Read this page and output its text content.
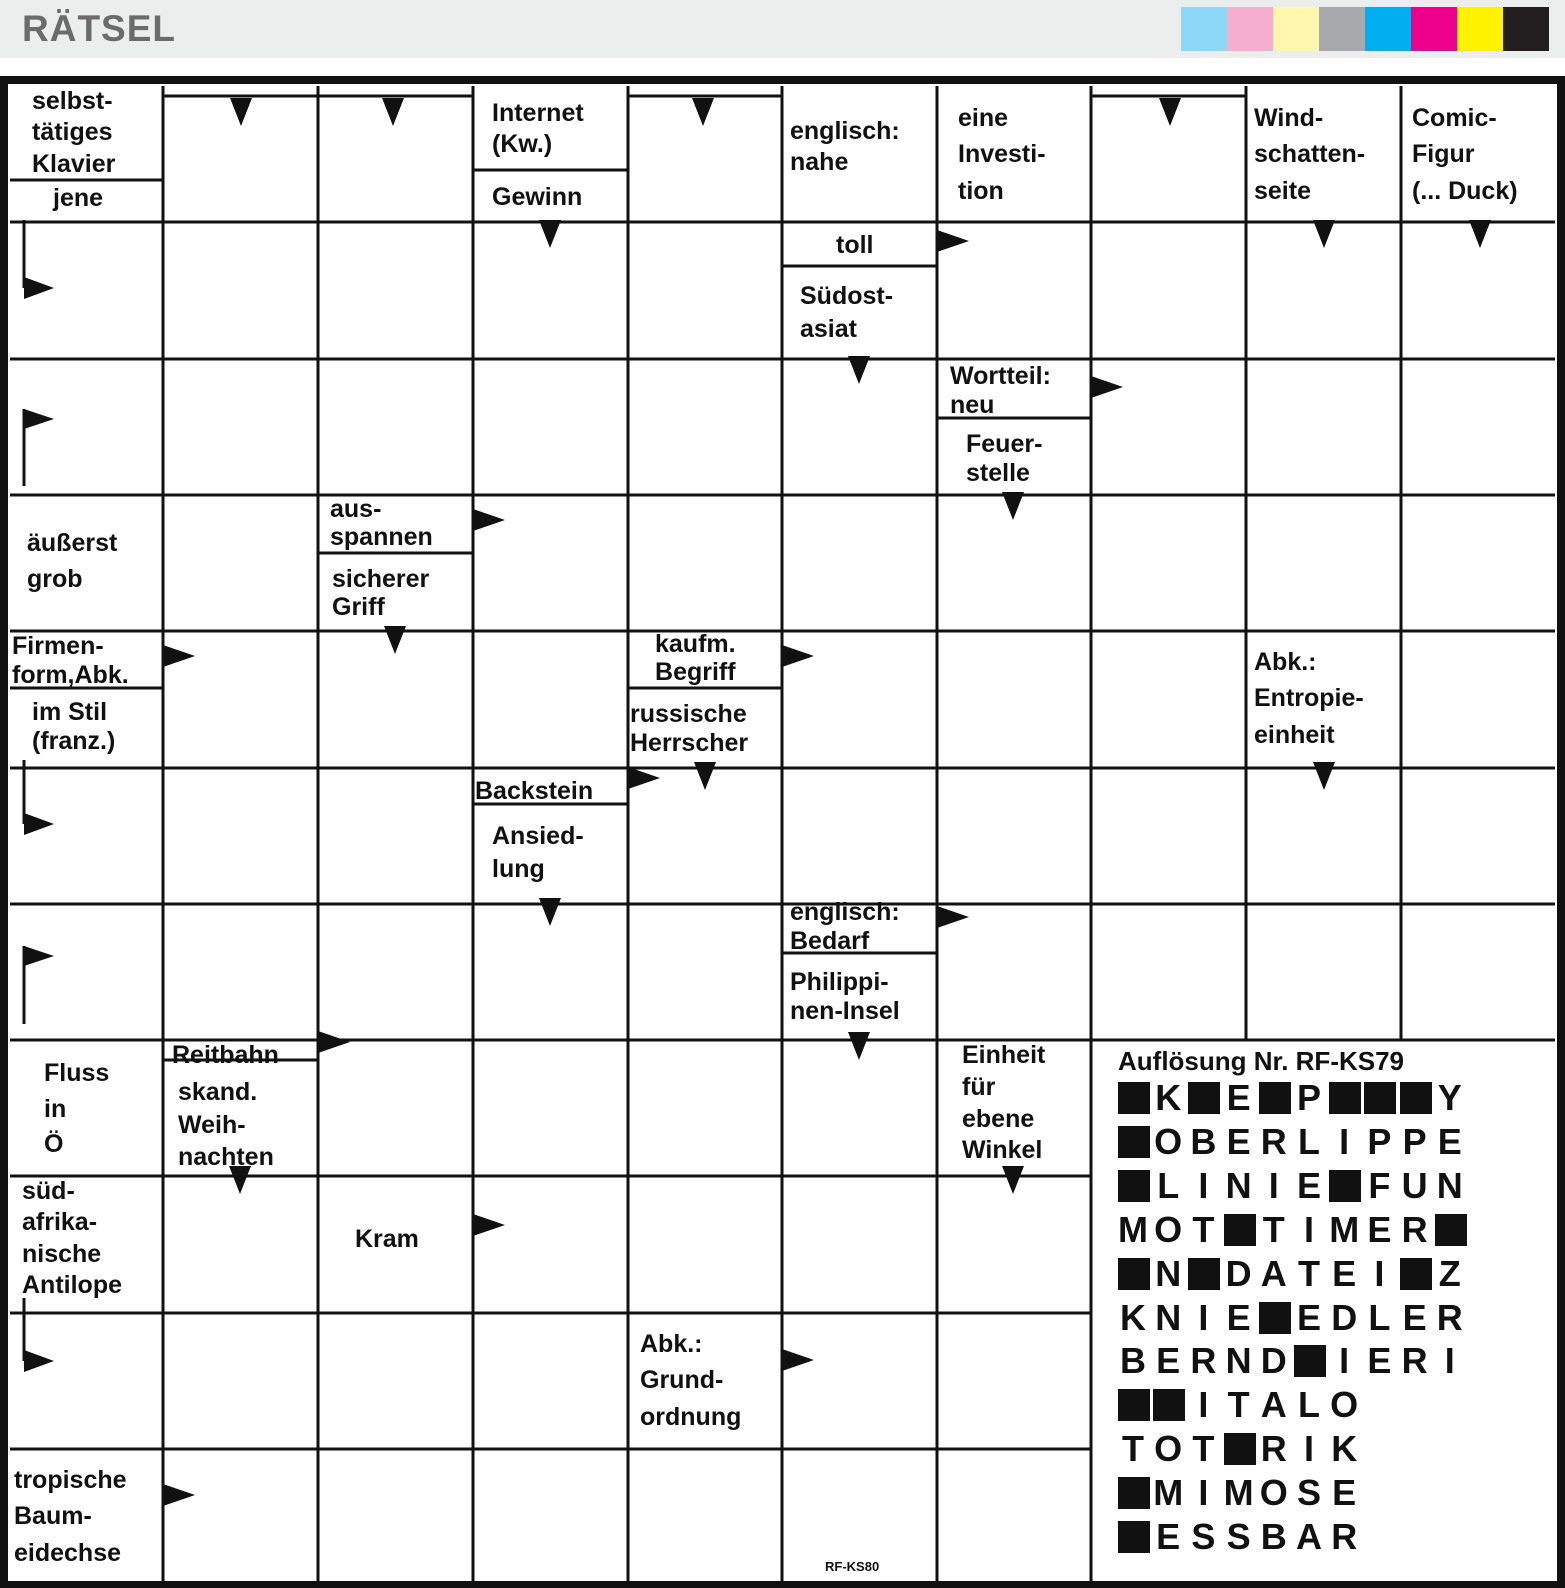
RÄTSEL
selbst-
tätiges
Klavier
jene
Internet
(Kw.)
Gewinn
englisch:
nahe
eine
Investi-
tion
Wind-
schatten-
seite
Comic-
Figur
(... Duck)
toll
Südost-
asiat
Wortteil:
neu
Feuer-
stelle
äußerst
grob
aus-
spannen
sicherer
Griff
Firmen-
form,Abk.
im Stil
(franz.)
kaufm.
Begriff
russische
Herrscher
Abk.:
Entropie-
einheit
Backstein
Ansied-
lung
englisch:
Bedarf
Philippi-
nen-Insel
Fluss
in
Ö
Reitbahn
skand.
Weih-
nachten
Einheit
für
ebene
Winkel
süd-
afrika-
nische
Antilope
Kram
Abk.:
Grund-
ordnung
tropische
Baum-
eidechse
Auflösung Nr. RF-KS79
K E P	Y
O B E R L I P P E
L I N I E F U N
M O T T I M E R
N D A T E I Z
K N I E E D L E R
B E R N D I E R I
I T A L O
T O T R I K
M I M O S E
E S S B A R
RF-KS80
